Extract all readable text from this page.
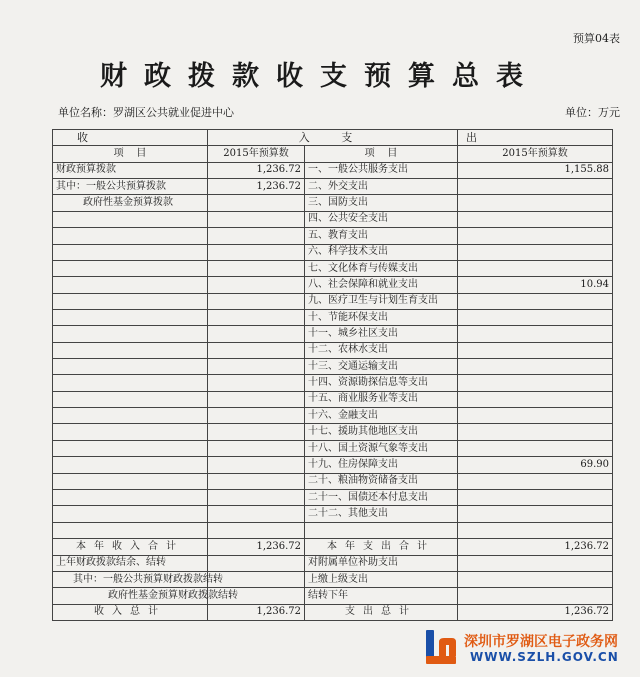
预算04表
财政拨款收支预算总表
单位名称：罗湖区公共就业促进中心	单位：万元
收	入 支		出
项    目	2015年预算数	项    目	2015年预算数
财政预算拨款	1,236.72	一、一般公共服务支出	1,155.88
其中：一般公共预算拨款	1,236.72	二、外交支出	
政府性基金预算拨款		三、国防支出	
		四、公共安全支出	
		五、教育支出	
		六、科学技术支出	
		七、文化体育与传媒支出	
		八、社会保障和就业支出	10.94
		九、医疗卫生与计划生育支出	
		十、节能环保支出	
		十一、城乡社区支出	
		十二、农林水支出	
		十三、交通运输支出	
		十四、资源勘探信息等支出	
		十五、商业服务业等支出	
		十六、金融支出	
		十七、援助其他地区支出	
		十八、国土资源气象等支出	
		十九、住房保障支出	69.90
		二十、粮油物资储备支出	
		二十一、国债还本付息支出	
		二十二、其他支出	

本年收入合计	1,236.72	本年支出合计	1,236.72
上年财政拨款结余、结转		对附属单位补助支出	
其中：一般公共预算财政拨款结转		上缴上级支出	
政府性基金预算财政拨款结转		结转下年	
收入总计	1,236.72	支出总计	1,236.72
深圳市罗湖区电子政务网
WWW.SZLH.GOV.CN
